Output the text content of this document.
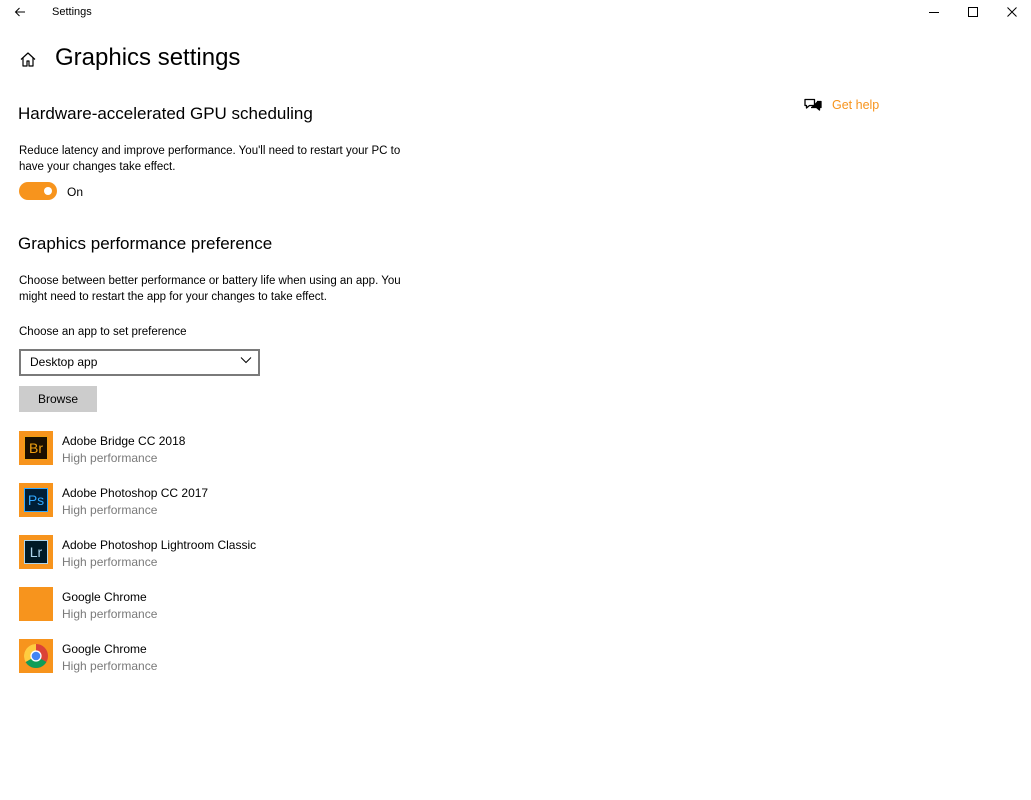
Settings
Graphics settings
Get help
Hardware-accelerated GPU scheduling
Reduce latency and improve performance. You'll need to restart your PC to have your changes take effect.
On
Graphics performance preference
Choose between better performance or battery life when using an app. You might need to restart the app for your changes to take effect.
Choose an app to set preference
Desktop app
Browse
Br	Adobe Bridge CC 2018
High performance
Ps	Adobe Photoshop CC 2017
High performance
Lr	Adobe Photoshop Lightroom Classic
High performance
Google Chrome
High performance
Google Chrome
High performance
